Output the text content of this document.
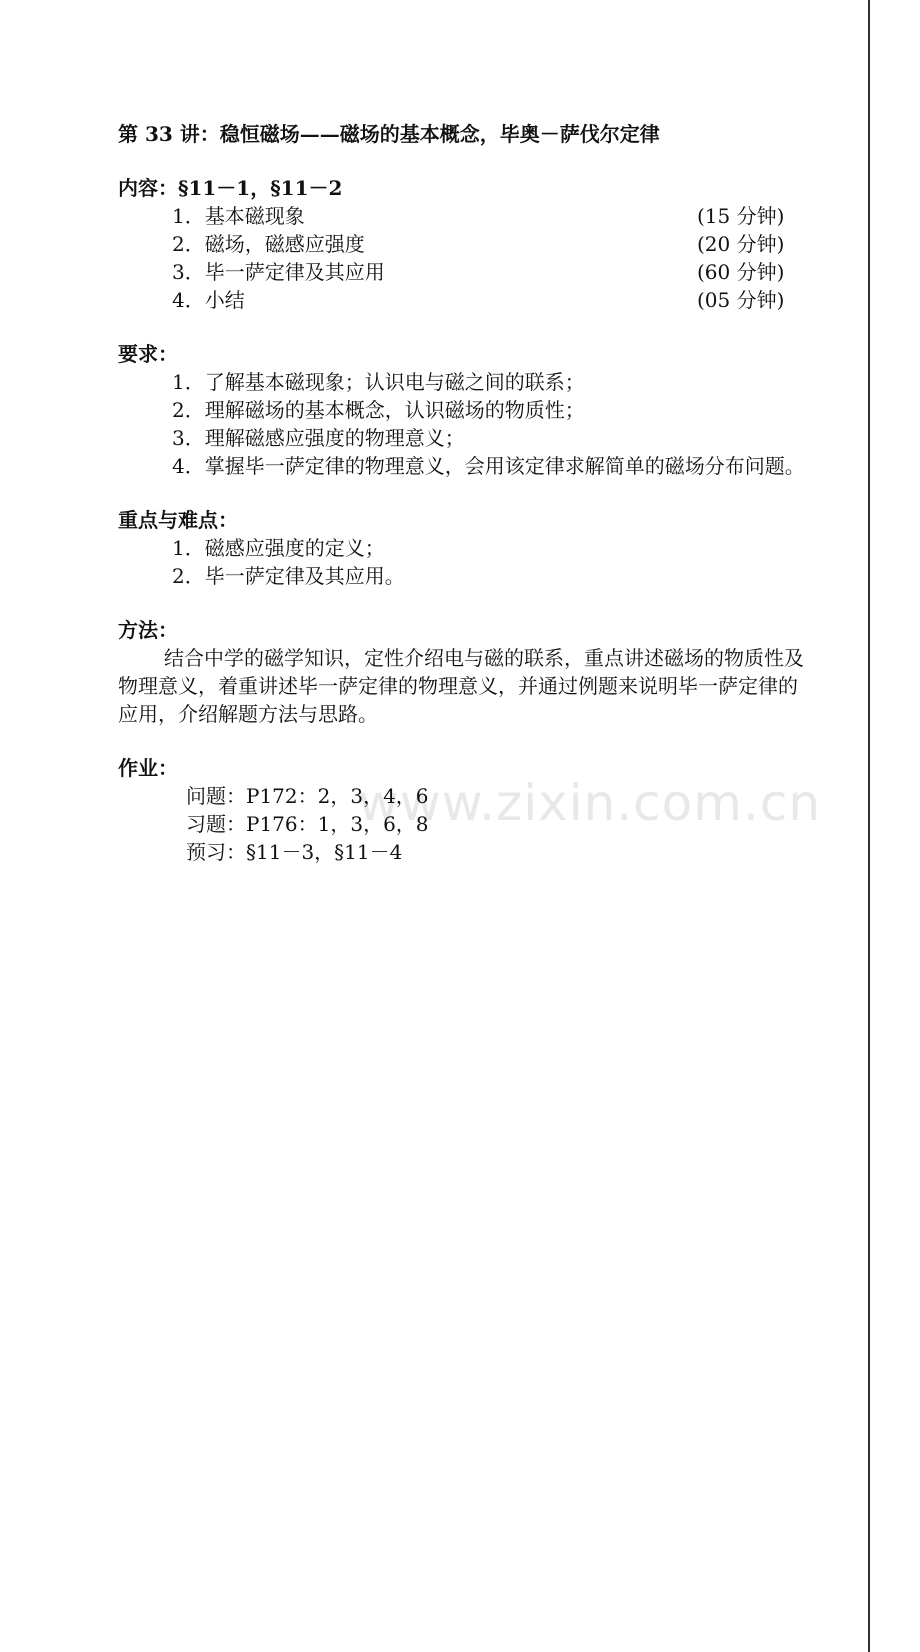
www.zixin.com.cn
第 33 讲：稳恒磁场——磁场的基本概念，毕奥－萨伐尔定律
内容：§11－1，§11－2
1．基本磁现象	(15 分钟)
2．磁场，磁感应强度	(20 分钟)
3．毕一萨定律及其应用	(60 分钟)
4．小结	(05 分钟)
要求：
1．了解基本磁现象；认识电与磁之间的联系；
2．理解磁场的基本概念，认识磁场的物质性；
3．理解磁感应强度的物理意义；
4．掌握毕一萨定律的物理意义，会用该定律求解简单的磁场分布问题。
重点与难点：
1．磁感应强度的定义；
2．毕一萨定律及其应用。
方法：
结合中学的磁学知识，定性介绍电与磁的联系，重点讲述磁场的物质性及
物理意义，着重讲述毕一萨定律的物理意义，并通过例题来说明毕一萨定律的
应用，介绍解题方法与思路。
作业：
问题：P172：2，3，4，6
习题：P176：1，3，6，8
预习：§11－3，§11－4
